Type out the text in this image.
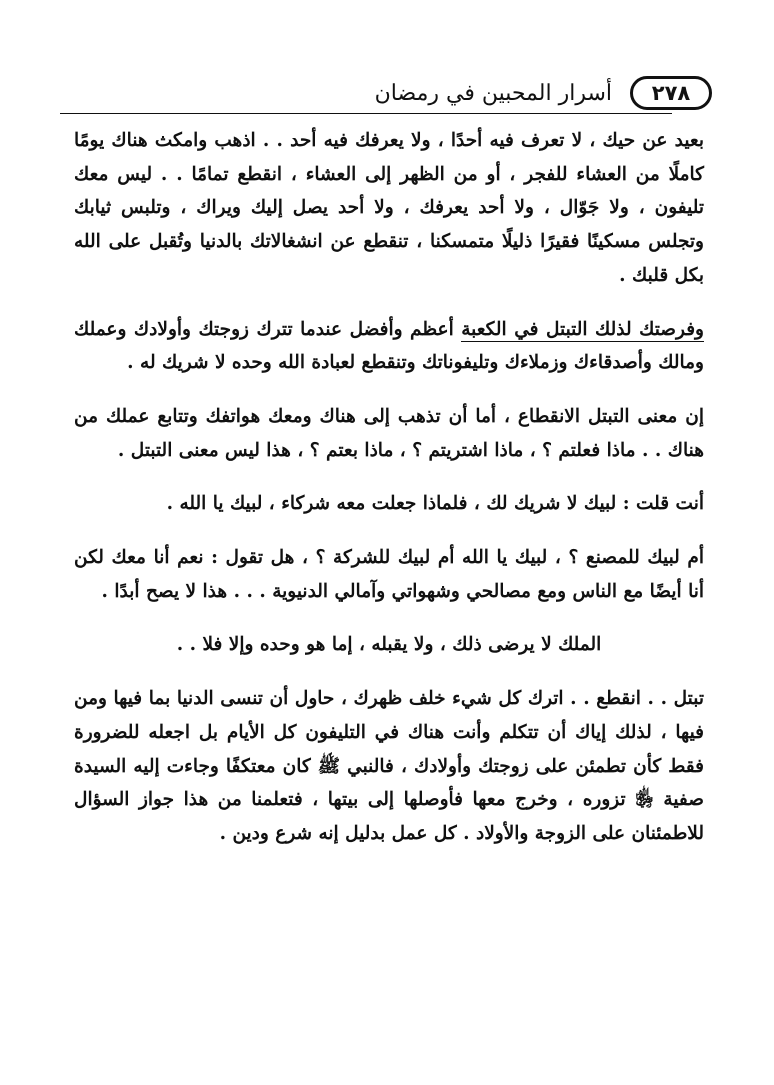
٢٧٨
أسرار المحبين في رمضان

بعيد عن حيك ، لا تعرف فيه أحدًا ، ولا يعرفك فيه أحد . . اذهب وامكث هناك يومًا كاملًا من العشاء للفجر ، أو من الظهر إلى العشاء ، انقطع تمامًا . . ليس معك تليفون ، ولا جَوّال ، ولا أحد يعرفك ، ولا أحد يصل إليك ويراك ، وتلبس ثيابك وتجلس مسكينًا فقيرًا ذليلًا متمسكنا ، تنقطع عن انشغالاتك بالدنيا وتُقبل على الله بكل قلبك .

وفرصتك لذلك التبتل في الكعبة أعظم وأفضل عندما تترك زوجتك وأولادك وعملك ومالك وأصدقاءك وزملاءك وتليفوناتك وتنقطع لعبادة الله وحده لا شريك له .

إن معنى التبتل الانقطاع ، أما أن تذهب إلى هناك ومعك هواتفك وتتابع عملك من هناك . . ماذا فعلتم ؟ ، ماذا اشتريتم ؟ ، ماذا بعتم ؟ ، هذا ليس معنى التبتل .

أنت قلت : لبيك لا شريك لك ، فلماذا جعلت معه شركاء ، لبيك يا الله .

أم لبيك للمصنع ؟ ، لبيك يا الله أم لبيك للشركة ؟ ، هل تقول : نعم أنا معك لكن أنا أيضًا مع الناس ومع مصالحي وشهواتي وآمالي الدنيوية . . . هذا لا يصح أبدًا .

الملك لا يرضى ذلك ، ولا يقبله ، إما هو وحده وإلا فلا . .

تبتل . . انقطع . . اترك كل شيء خلف ظهرك ، حاول أن تنسى الدنيا بما فيها ومن فيها ، لذلك إياك أن تتكلم وأنت هناك في التليفون كل الأيام بل اجعله للضرورة فقط كأن تطمئن على زوجتك وأولادك ، فالنبي ﷺ كان معتكفًا وجاءت إليه السيدة صفية ﵂ تزوره ، وخرج معها فأوصلها إلى بيتها ، فتعلمنا من هذا جواز السؤال للاطمئنان على الزوجة والأولاد . كل عمل بدليل إنه شرع ودين .
